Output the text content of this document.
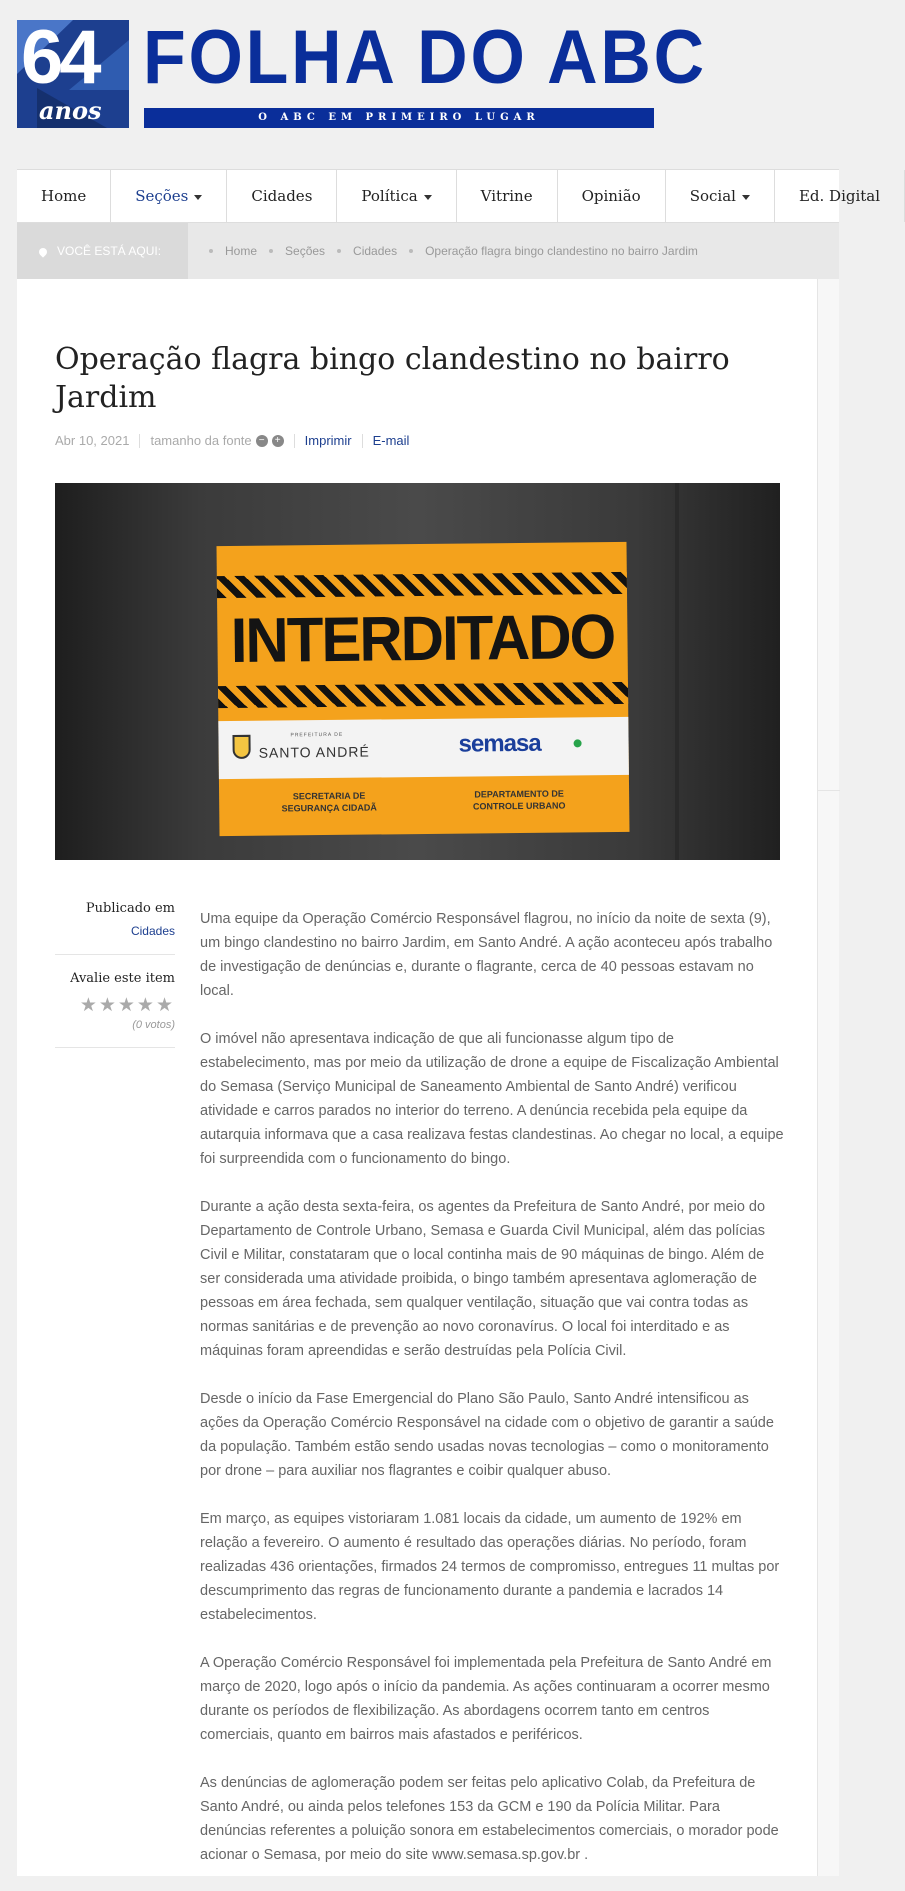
64
anos
FOLHA DO ABC
O ABC EM PRIMEIRO LUGAR
Home	Seções	Cidades	Política	Vitrine	Opinião	Social	Ed. Digital
VOCÊ ESTÁ AQUI:	Home Seções Cidades Operação flagra bingo clandestino no bairro Jardim
Operação flagra bingo clandestino no bairro Jardim
Abr 10, 2021 tamanho da fonte −	+ Imprimir E-mail
INTERDITADO
PREFEITURA DE
SANTO ANDRÉ	semasa
SECRETARIA DE
SEGURANÇA CIDADÃ
DEPARTAMENTO DE
CONTROLE URBANO
Publicado em
Cidades
Avalie este item
★★★★★
(0 votos)

Uma equipe da Operação Comércio Responsável flagrou, no início da noite de sexta (9), um bingo clandestino no bairro Jardim, em Santo André. A ação aconteceu após trabalho de investigação de denúncias e, durante o flagrante, cerca de 40 pessoas estavam no local.

O imóvel não apresentava indicação de que ali funcionasse algum tipo de estabelecimento, mas por meio da utilização de drone a equipe de Fiscalização Ambiental do Semasa (Serviço Municipal de Saneamento Ambiental de Santo André) verificou atividade e carros parados no interior do terreno. A denúncia recebida pela equipe da autarquia informava que a casa realizava festas clandestinas. Ao chegar no local, a equipe foi surpreendida com o funcionamento do bingo.

Durante a ação desta sexta-feira, os agentes da Prefeitura de Santo André, por meio do Departamento de Controle Urbano, Semasa e Guarda Civil Municipal, além das polícias Civil e Militar, constataram que o local continha mais de 90 máquinas de bingo. Além de ser considerada uma atividade proibida, o bingo também apresentava aglomeração de pessoas em área fechada, sem qualquer ventilação, situação que vai contra todas as normas sanitárias e de prevenção ao novo coronavírus. O local foi interditado e as máquinas foram apreendidas e serão destruídas pela Polícia Civil.

Desde o início da Fase Emergencial do Plano São Paulo, Santo André intensificou as ações da Operação Comércio Responsável na cidade com o objetivo de garantir a saúde da população. Também estão sendo usadas novas tecnologias – como o monitoramento por drone – para auxiliar nos flagrantes e coibir qualquer abuso.

Em março, as equipes vistoriaram 1.081 locais da cidade, um aumento de 192% em relação a fevereiro. O aumento é resultado das operações diárias. No período, foram realizadas 436 orientações, firmados 24 termos de compromisso, entregues 11 multas por descumprimento das regras de funcionamento durante a pandemia e lacrados 14 estabelecimentos.

A Operação Comércio Responsável foi implementada pela Prefeitura de Santo André em março de 2020, logo após o início da pandemia. As ações continuaram a ocorrer mesmo durante os períodos de flexibilização. As abordagens ocorrem tanto em centros comerciais, quanto em bairros mais afastados e periféricos.

As denúncias de aglomeração podem ser feitas pelo aplicativo Colab, da Prefeitura de Santo André, ou ainda pelos telefones 153 da GCM e 190 da Polícia Militar. Para denúncias referentes a poluição sonora em estabelecimentos comerciais, o morador pode acionar o Semasa, por meio do site www.semasa.sp.gov.br .
